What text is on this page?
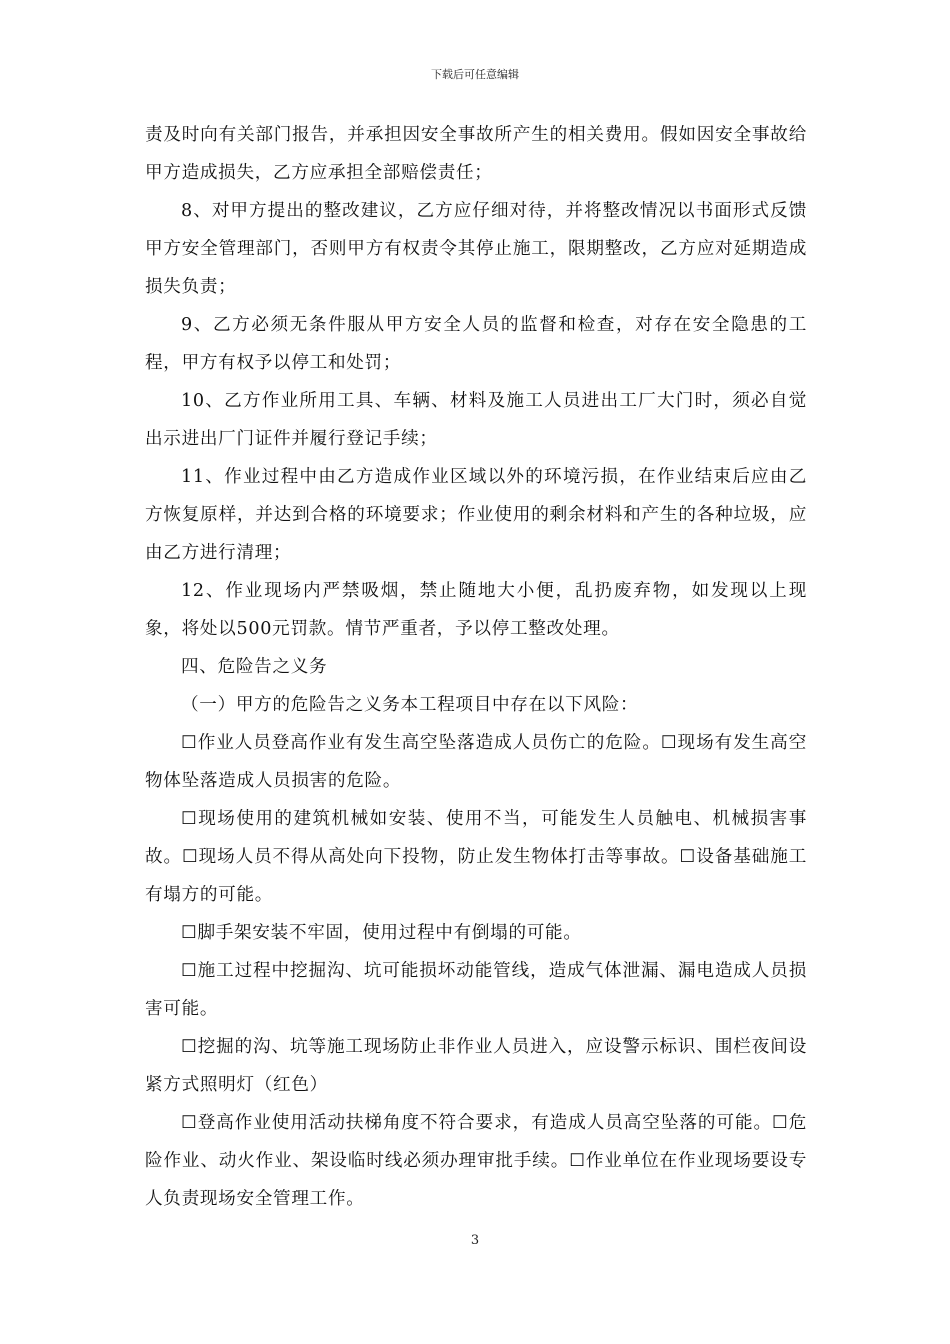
下载后可任意编辑

责及时向有关部门报告，并承担因安全事故所产生的相关费用。假如因安全事故给甲方造成损失，乙方应承担全部赔偿责任；

8、对甲方提出的整改建议，乙方应仔细对待，并将整改情况以书面形式反馈甲方安全管理部门，否则甲方有权责令其停止施工，限期整改，乙方应对延期造成损失负责；

9、乙方必须无条件服从甲方安全人员的监督和检查，对存在安全隐患的工程，甲方有权予以停工和处罚；

10、乙方作业所用工具、车辆、材料及施工人员进出工厂大门时，须必自觉出示进出厂门证件并履行登记手续；

11、作业过程中由乙方造成作业区域以外的环境污损，在作业结束后应由乙方恢复原样，并达到合格的环境要求；作业使用的剩余材料和产生的各种垃圾，应由乙方进行清理；

12、作业现场内严禁吸烟，禁止随地大小便，乱扔废弃物，如发现以上现象，将处以500元罚款。情节严重者，予以停工整改处理。

四、危险告之义务

（一）甲方的危险告之义务本工程项目中存在以下风险：

☐作业人员登高作业有发生高空坠落造成人员伤亡的危险。☐现场有发生高空物体坠落造成人员损害的危险。

☐现场使用的建筑机械如安装、使用不当，可能发生人员触电、机械损害事故。☐现场人员不得从高处向下投物，防止发生物体打击等事故。☐设备基础施工有塌方的可能。

☐脚手架安装不牢固，使用过程中有倒塌的可能。

☐施工过程中挖掘沟、坑可能损坏动能管线，造成气体泄漏、漏电造成人员损害可能。

☐挖掘的沟、坑等施工现场防止非作业人员进入，应设警示标识、围栏夜间设紧方式照明灯（红色）

☐登高作业使用活动扶梯角度不符合要求，有造成人员高空坠落的可能。☐危险作业、动火作业、架设临时线必须办理审批手续。☐作业单位在作业现场要设专人负责现场安全管理工作。

3
